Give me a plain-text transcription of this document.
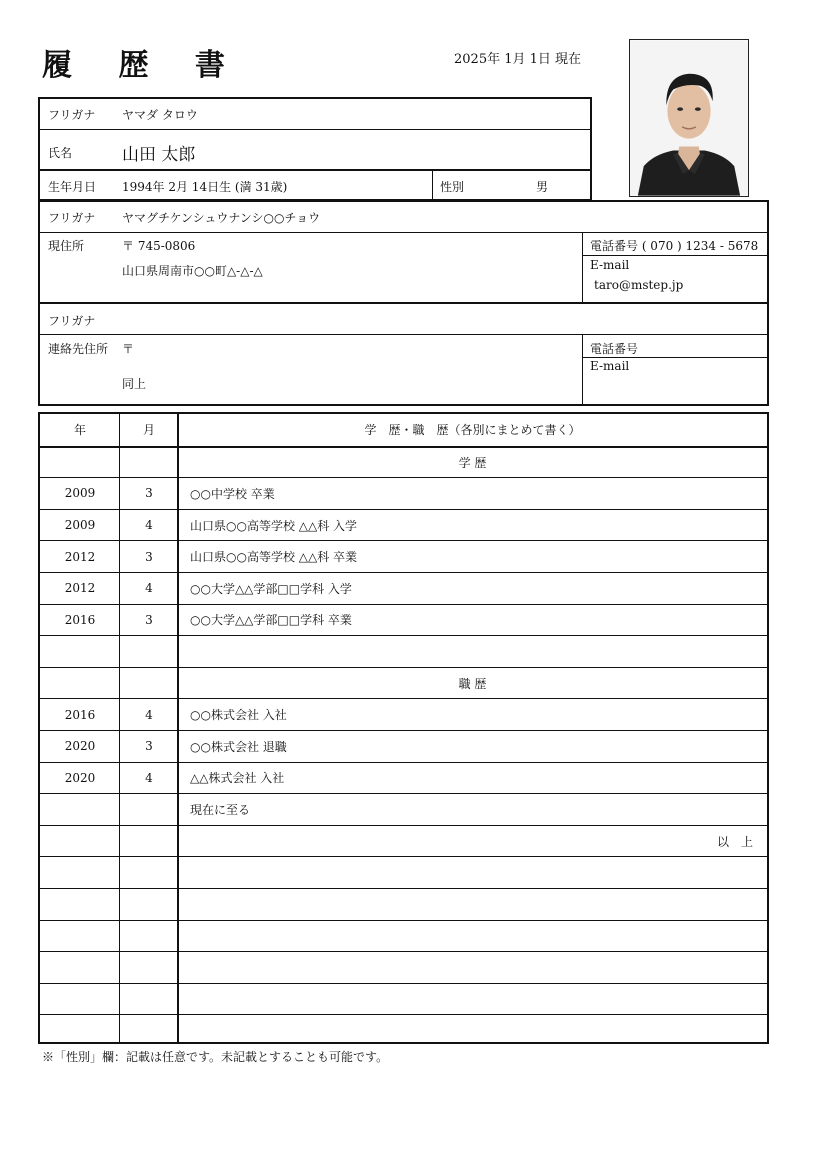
履 歴 書	2025年 1月 1日 現在
フリガナ ヤマダ タロウ
氏名	山田 太郎
生年月日 1994年 2月 14日生 (満 31歳)	性別	男
フリガナ ヤマグチケンシュウナンシ○○チョウ
現住所	〒 745-0806
山口県周南市○○町△-△-△
電話番号 ( 070 ) 1234 - 5678
E-mail
taro@mstep.jp
フリガナ
連絡先住所 〒
同上
電話番号
E-mail
年	月	学　歴・職　歴（各別にまとめて書く）
学 歴
2009	3	○○中学校 卒業
2009	4	山口県○○高等学校 △△科 入学
2012	3	山口県○○高等学校 △△科 卒業
2012	4	○○大学△△学部□□学科 入学
2016	3	○○大学△△学部□□学科 卒業
職 歴
2016	4	○○株式会社 入社
2020	3	○○株式会社 退職
2020	4	△△株式会社 入社
現在に至る
以　上
※「性別」欄：記載は任意です。未記載とすることも可能です。
